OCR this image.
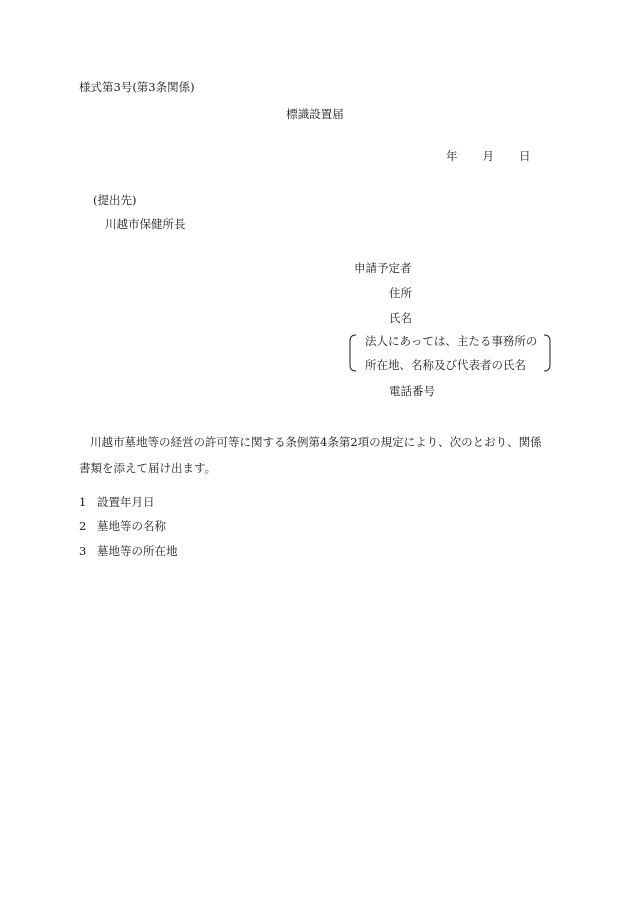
様式第3号(第3条関係)
標識設置届
年 月 日
(提出先)
川越市保健所長
申請予定者
住所
氏名
法人にあっては、主たる事務所の
所在地、名称及び代表者の氏名
電話番号
川越市墓地等の経営の許可等に関する条例第4条第2項の規定により、次のとおり、関係書類を添えて届け出ます。
1 設置年月日
2 墓地等の名称
3 墓地等の所在地
